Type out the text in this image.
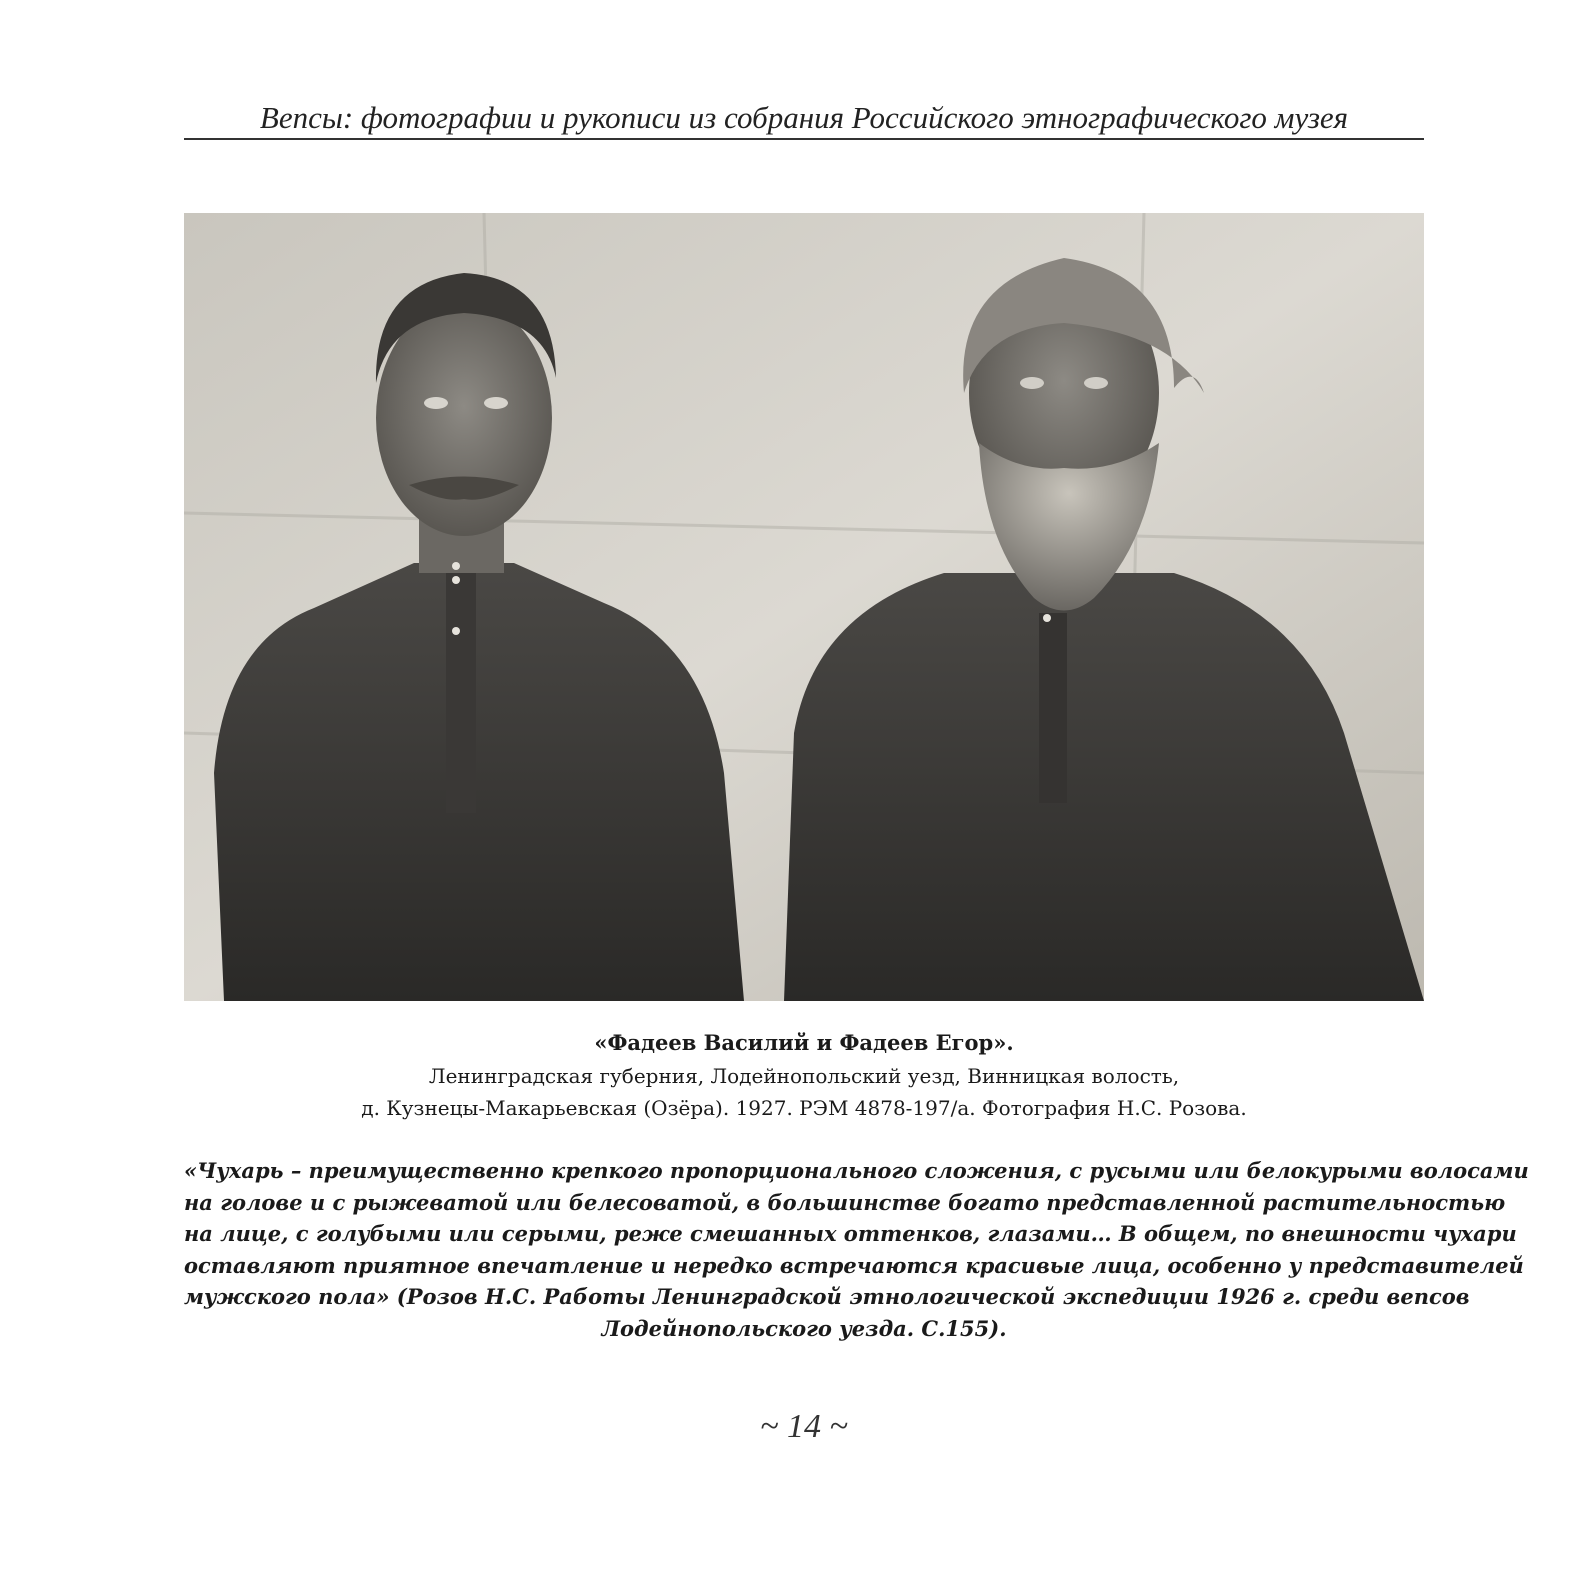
Вепсы: фотографии и рукописи из собрания Российского этнографического музея
«Фадеев Василий и Фадеев Егор».
Ленинградская губерния, Лодейнопольский уезд, Винницкая волость,
д. Кузнецы-Макарьевская (Озёра). 1927. РЭМ 4878-197/а. Фотография Н.С. Розова.
«Чухарь – преимущественно крепкого пропорционального сложения, с русыми или белокурыми волосами
на голове и с рыжеватой или белесоватой, в большинстве богато представленной растительностью
на лице, с голубыми или серыми, реже смешанных оттенков, глазами… В общем, по внешности чухари
оставляют приятное впечатление и нередко встречаются красивые лица, особенно у представителей
мужского пола» (Розов Н.С. Работы Ленинградской этнологической экспедиции 1926 г. среди вепсов
Лодейнопольского уезда. С.155).
~ 14 ~
